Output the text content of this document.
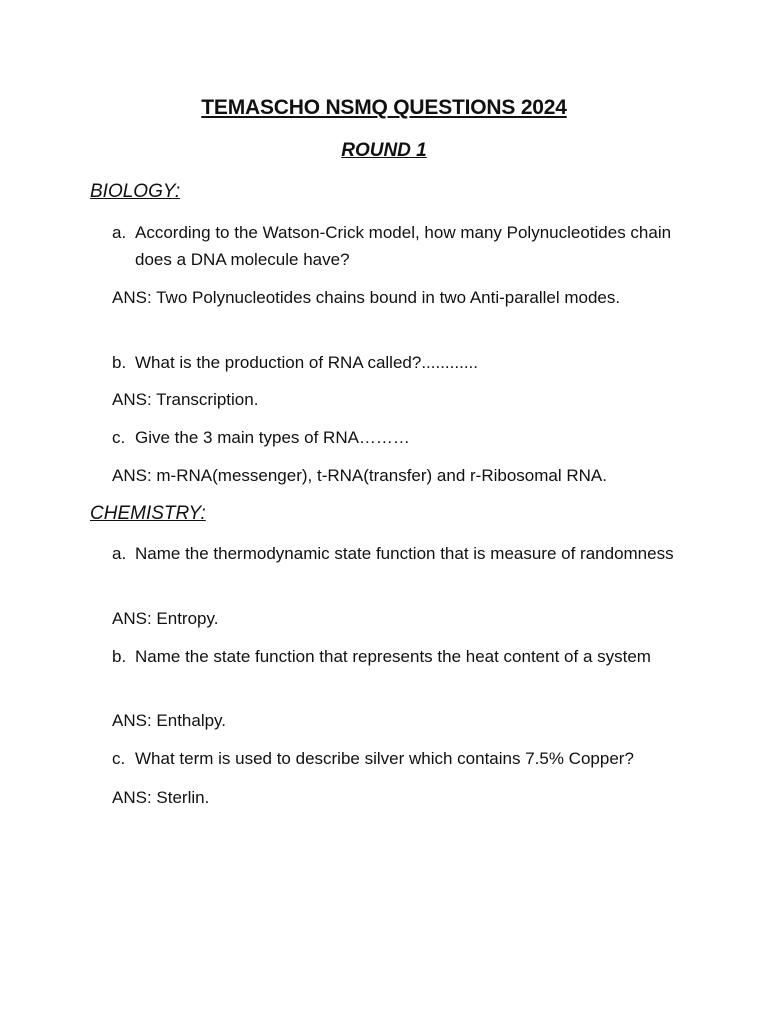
TEMASCHO NSMQ QUESTIONS 2024
ROUND 1
BIOLOGY:
a. According to the Watson-Crick model, how many Polynucleotides chain does a DNA molecule have?
ANS: Two Polynucleotides chains bound in two Anti-parallel modes.
b. What is the production of RNA called?............
ANS: Transcription.
c. Give the 3 main types of RNA………
ANS: m-RNA(messenger), t-RNA(transfer) and r-Ribosomal RNA.
CHEMISTRY:
a. Name the thermodynamic state function that is measure of randomness
ANS: Entropy.
b. Name the state function that represents the heat content of a system
ANS: Enthalpy.
c. What term is used to describe silver which contains 7.5% Copper?
ANS: Sterlin.
